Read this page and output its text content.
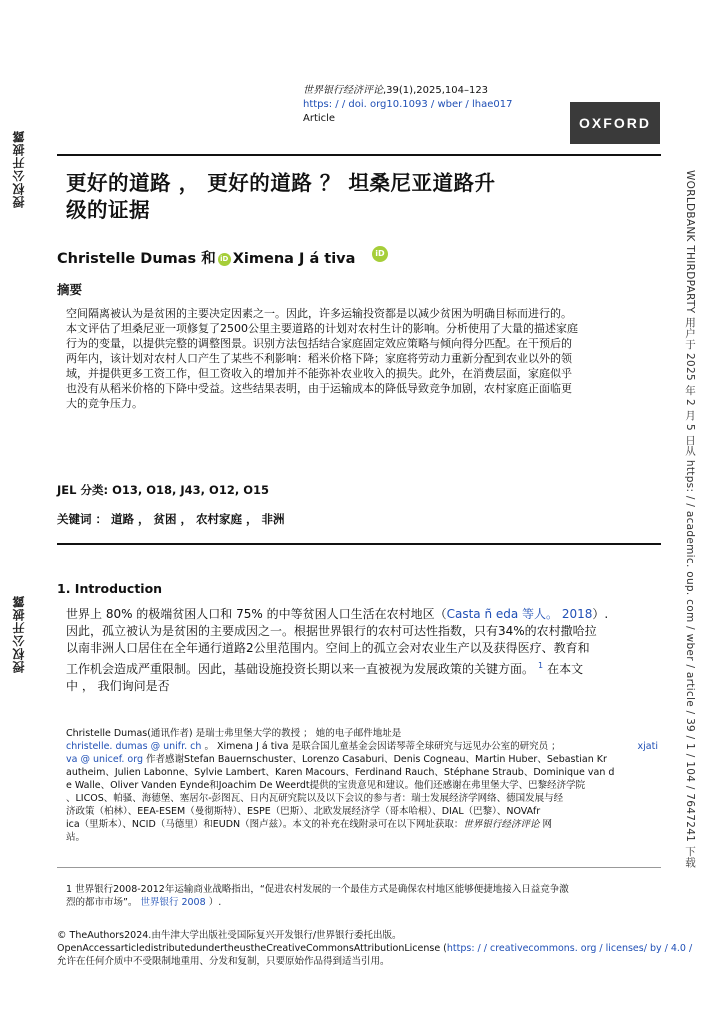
授权公开披露
授权公开披露	WORLDBANK THIRDPARTY 用户于 2025 年 2 月 5 日从 https: / / academic. oup. com / wber / article / 39 / 1 / 104 / 7647241 下载
世界银行经济评论,39(1),2025,104–123
https: / / doi. org10.1093 / wber / lhae017
Article	OXFORD
更好的道路 ， 更好的道路 ？ 坦桑尼亚道路升
级的证据
Christelle Dumas 和 iD Ximena J á tiva	iD
摘要
空间隔离被认为是贫困的主要决定因素之一。因此，许多运输投资都是以减少贫困为明确目标而进行的。
本文评估了坦桑尼亚一项修复了2500公里主要道路的计划对农村生计的影响。分析使用了大量的描述家庭
行为的变量，以提供完整的调整图景。识别方法包括结合家庭固定效应策略与倾向得分匹配。在干预后的
两年内，该计划对农村人口产生了某些不利影响：稻米价格下降；家庭将劳动力重新分配到农业以外的领
域，并提供更多工资工作，但工资收入的增加并不能弥补农业收入的损失。此外，在消费层面，家庭似乎
也没有从稻米价格的下降中受益。这些结果表明，由于运输成本的降低导致竞争加剧，农村家庭正面临更
大的竞争压力。
JEL 分类: O13, O18, J43, O12, O15
关键词 ： 道路 ， 贫困 ， 农村家庭 ， 非洲
1. Introduction
世界上 80% 的极端贫困人口和 75% 的中等贫困人口生活在农村地区（Casta ñ eda 等人。 2018）.
因此，孤立被认为是贫困的主要成因之一。根据世界银行的农村可达性指数，只有34%的农村撒哈拉
以南非洲人口居住在全年通行道路2公里范围内。空间上的孤立会对农业生产以及获得医疗、教育和
工作机会造成严重限制。因此，基础设施投资长期以来一直被视为发展政策的关键方面。 $^1$ 在本文
中 ， 我们询问是否
Christelle Dumas(通讯作者) 是瑞士弗里堡大学的教授 ； 她的电子邮件地址是
christelle. dumas @ unifr. ch 。 Ximena J á tiva 是联合国儿童基金会因诺琴蒂全球研究与远见办公室的研究员 ；	xjati
va @ unicef. org 作者感谢Stefan Bauernschuster、Lorenzo Casaburi、Denis Cogneau、Martin Huber、Sebastian Kr
autheim、Julien Labonne、Sylvie Lambert、Karen Macours、Ferdinand Rauch、Stéphane Straub、Dominique van d
e Walle、Oliver Vanden Eynde和Joachim De Weerdt提供的宝贵意见和建议。他们还感谢在弗里堡大学、巴黎经济学院
、LICOS、帕骚、海德堡、塞居尔-彭图瓦、日内瓦研究院以及以下会议的参与者：瑞士发展经济学网络、德国发展与经
济政策（柏林）、EEA-ESEM（曼彻斯特）、ESPE（巴斯）、北欧发展经济学（哥本哈根）、DIAL（巴黎）、NOVAfr
ica（里斯本）、NCID（马德里）和EUDN（图卢兹）。本文的补充在线附录可在以下网址获取：世界银行经济评论 网
站。
1 世界银行2008-2012年运输商业战略指出，“促进农村发展的一个最佳方式是确保农村地区能够便捷地接入日益竞争激
烈的都市市场”。 世界银行 2008 ）.
© TheAuthors2024.由牛津大学出版社受国际复兴开发银行/世界银行委托出版。
OpenAccessarticledistributedundertheustheCreativeCommonsAttributionLicense ( https: / / creativecommons. org / licenses/ by / 4.0 /
允许在任何介质中不受限制地重用、分发和复制，只要原始作品得到适当引用。
